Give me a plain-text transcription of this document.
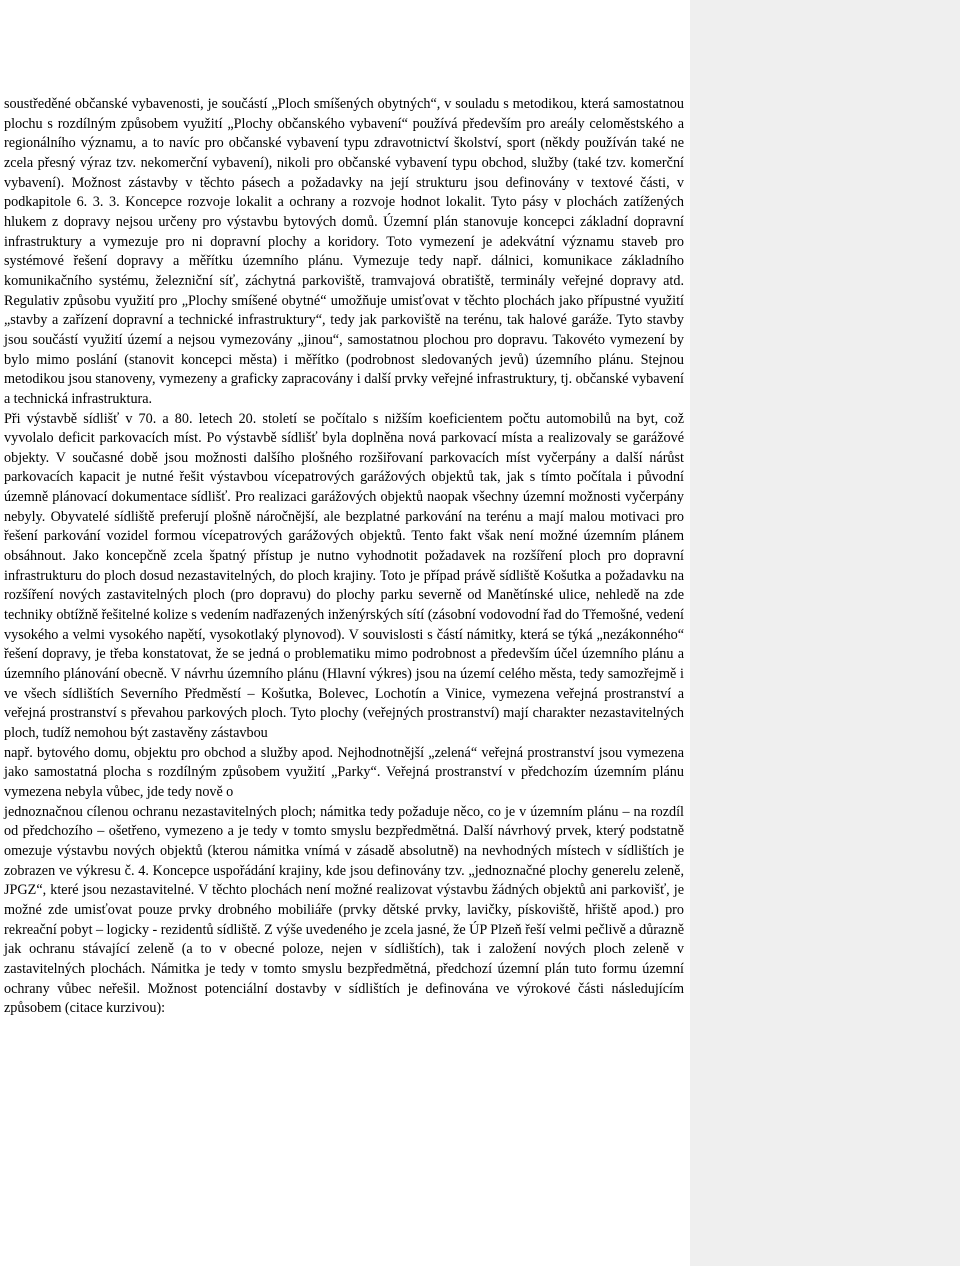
soustředěné občanské vybavenosti, je součástí „Ploch smíšených obytných“, v souladu s metodikou, která samostatnou plochu s rozdílným způsobem využití „Plochy občanského vybavení“ používá především pro areály celoměstského a regionálního významu, a to navíc pro občanské vybavení typu zdravotnictví školství, sport (někdy používán také ne zcela přesný výraz tzv. nekomerční vybavení), nikoli pro občanské vybavení typu obchod, služby (také tzv. komerční vybavení). Možnost zástavby v těchto pásech a požadavky na její strukturu jsou definovány v textové části, v podkapitole 6. 3. 3. Koncepce rozvoje lokalit a ochrany a rozvoje hodnot lokalit. Tyto pásy v plochách zatížených hlukem z dopravy nejsou určeny pro výstavbu bytových domů. Územní plán stanovuje koncepci základní dopravní infrastruktury a vymezuje pro ni dopravní plochy a koridory. Toto vymezení je adekvátní významu staveb pro systémové řešení dopravy a měřítku územního plánu. Vymezuje tedy např. dálnici, komunikace základního komunikačního systému, železniční síť, záchytná parkoviště, tramvajová obratiště, terminály veřejné dopravy atd. Regulativ způsobu využití pro „Plochy smíšené obytné“ umožňuje umisťovat v těchto plochách jako přípustné využití „stavby a zařízení dopravní a technické infrastruktury“, tedy jak parkoviště na terénu, tak halové garáže. Tyto stavby jsou součástí využití území a nejsou vymezovány „jinou“, samostatnou plochou pro dopravu. Takovéto vymezení by bylo mimo poslání (stanovit koncepci města) i měřítko (podrobnost sledovaných jevů) územního plánu. Stejnou metodikou jsou stanoveny, vymezeny a graficky zapracovány i další prvky veřejné infrastruktury, tj. občanské vybavení a technická infrastruktura.

Při výstavbě sídlišť v 70. a 80. letech 20. století se počítalo s nižším koeficientem počtu automobilů na byt, což vyvolalo deficit parkovacích míst. Po výstavbě sídlišť byla doplněna nová parkovací místa a realizovaly se garážové objekty. V současné době jsou možnosti dalšího plošného rozšiřovaní parkovacích míst vyčerpány a další nárůst parkovacích kapacit je nutné řešit výstavbou vícepatrových garážových objektů tak, jak s tímto počítala i původní územně plánovací dokumentace sídlišť. Pro realizaci garážových objektů naopak všechny územní možnosti vyčerpány nebyly. Obyvatelé sídliště preferují plošně náročnější, ale bezplatné parkování na terénu a mají malou motivaci pro řešení parkování vozidel formou vícepatrových garážových objektů. Tento fakt však není možné územním plánem obsáhnout. Jako koncepčně zcela špatný přístup je nutno vyhodnotit požadavek na rozšíření ploch pro dopravní infrastrukturu do ploch dosud nezastavitelných, do ploch krajiny. Toto je případ právě sídliště Košutka a požadavku na rozšíření nových zastavitelných ploch (pro dopravu) do plochy parku severně od Manětínské ulice, nehledě na zde techniky obtížně řešitelné kolize s vedením nadřazených inženýrských sítí (zásobní vodovodní řad do Třemošné, vedení vysokého a velmi vysokého napětí, vysokotlaký plynovod). V souvislosti s částí námitky, která se týká „nezákonného“ řešení dopravy, je třeba konstatovat, že se jedná o problematiku mimo podrobnost a především účel územního plánu a územního plánování obecně. V návrhu územního plánu (Hlavní výkres) jsou na území celého města, tedy samozřejmě i ve všech sídlištích Severního Předměstí – Košutka, Bolevec, Lochotín a Vinice, vymezena veřejná prostranství a veřejná prostranství s převahou parkových ploch. Tyto plochy (veřejných prostranství) mají charakter nezastavitelných ploch, tudíž nemohou být zastavěny zástavbou

např. bytového domu, objektu pro obchod a služby apod. Nejhodnotnější „zelená“ veřejná prostranství jsou vymezena jako samostatná plocha s rozdílným způsobem využití „Parky“. Veřejná prostranství v předchozím územním plánu vymezena nebyla vůbec, jde tedy nově o

jednoznačnou cílenou ochranu nezastavitelných ploch; námitka tedy požaduje něco, co je v územním plánu – na rozdíl od předchozího – ošetřeno, vymezeno a je tedy v tomto smyslu bezpředmětná. Další návrhový prvek, který podstatně omezuje výstavbu nových objektů (kterou námitka vnímá v zásadě absolutně) na nevhodných místech v sídlištích je zobrazen ve výkresu č. 4. Koncepce uspořádání krajiny, kde jsou definovány tzv. „jednoznačné plochy generelu zeleně, JPGZ“, které jsou nezastavitelné. V těchto plochách není možné realizovat výstavbu žádných objektů ani parkovišť, je možné zde umisťovat pouze prvky drobného mobiliáře (prvky dětské prvky, lavičky, pískoviště, hřiště apod.) pro rekreační pobyt – logicky - rezidentů sídliště. Z výše uvedeného je zcela jasné, že ÚP Plzeň řeší velmi pečlivě a důrazně jak ochranu stávající zeleně (a to v obecné poloze, nejen v sídlištích), tak i založení nových ploch zeleně v zastavitelných plochách. Námitka je tedy v tomto smyslu bezpředmětná, předchozí územní plán tuto formu územní ochrany vůbec neřešil. Možnost potenciální dostavby v sídlištích je definována ve výrokové části následujícím způsobem (citace kurzivou):
